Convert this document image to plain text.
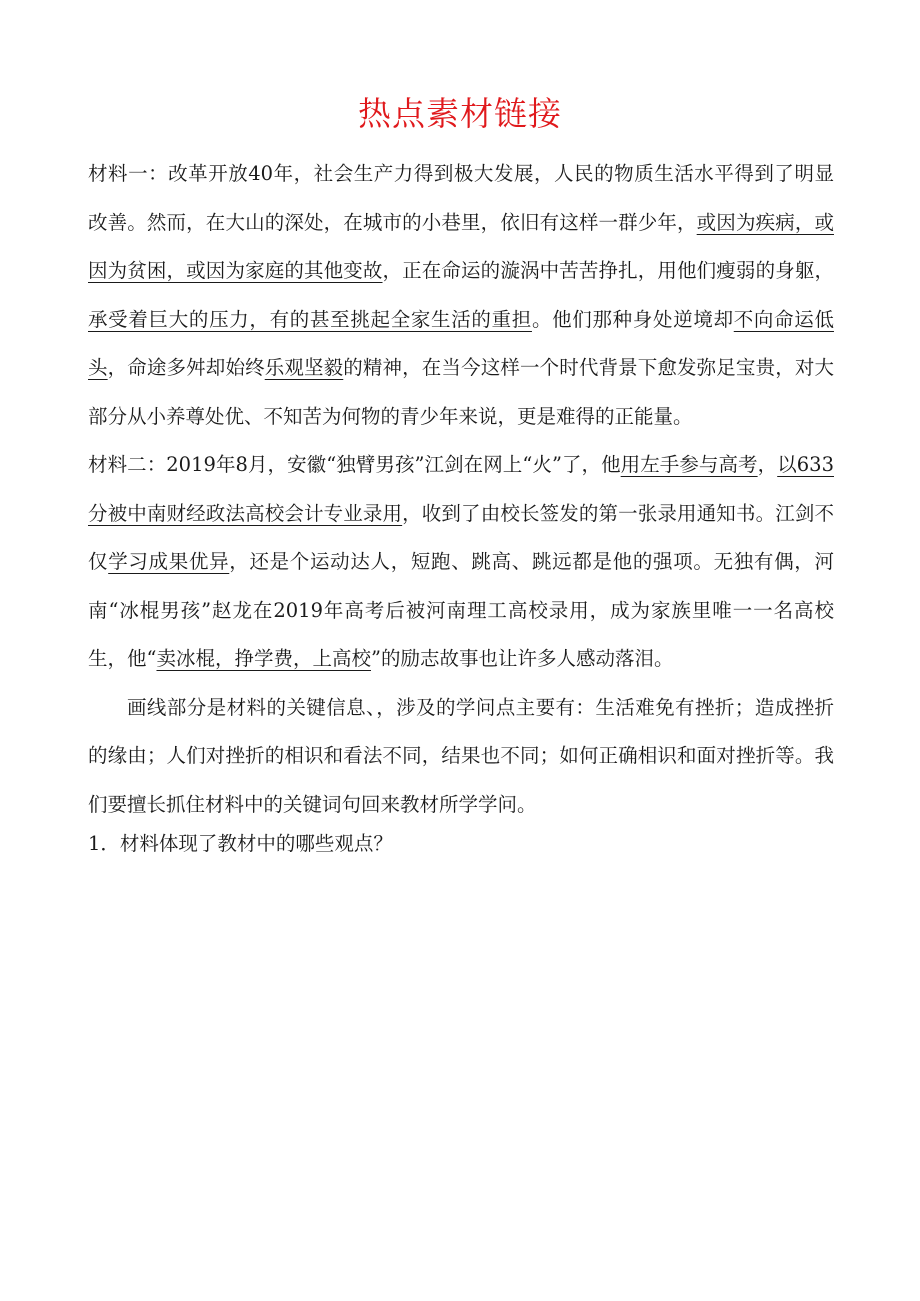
热点素材链接

材料一：改革开放40年，社会生产力得到极大发展，人民的物质生活水平得到了明显改善。然而，在大山的深处，在城市的小巷里，依旧有这样一群少年，或因为疾病，或因为贫困，或因为家庭的其他变故，正在命运的漩涡中苦苦挣扎，用他们瘦弱的身躯，承受着巨大的压力，有的甚至挑起全家生活的重担。他们那种身处逆境却不向命运低头，命途多舛却始终乐观坚毅的精神，在当今这样一个时代背景下愈发弥足宝贵，对大部分从小养尊处优、不知苦为何物的青少年来说，更是难得的正能量。

材料二：2019年8月，安徽“独臂男孩”江剑在网上“火”了，他用左手参与高考，以633分被中南财经政法高校会计专业录用，收到了由校长签发的第一张录用通知书。江剑不仅学习成果优异，还是个运动达人，短跑、跳高、跳远都是他的强项。无独有偶，河南“冰棍男孩”赵龙在2019年高考后被河南理工高校录用，成为家族里唯一一名高校生，他“卖冰棍，挣学费，上高校”的励志故事也让许多人感动落泪。

画线部分是材料的关键信息、，涉及的学问点主要有：生活难免有挫折；造成挫折的缘由；人们对挫折的相识和看法不同，结果也不同；如何正确相识和面对挫折等。我们要擅长抓住材料中的关键词句回来教材所学学问。

1．材料体现了教材中的哪些观点？
